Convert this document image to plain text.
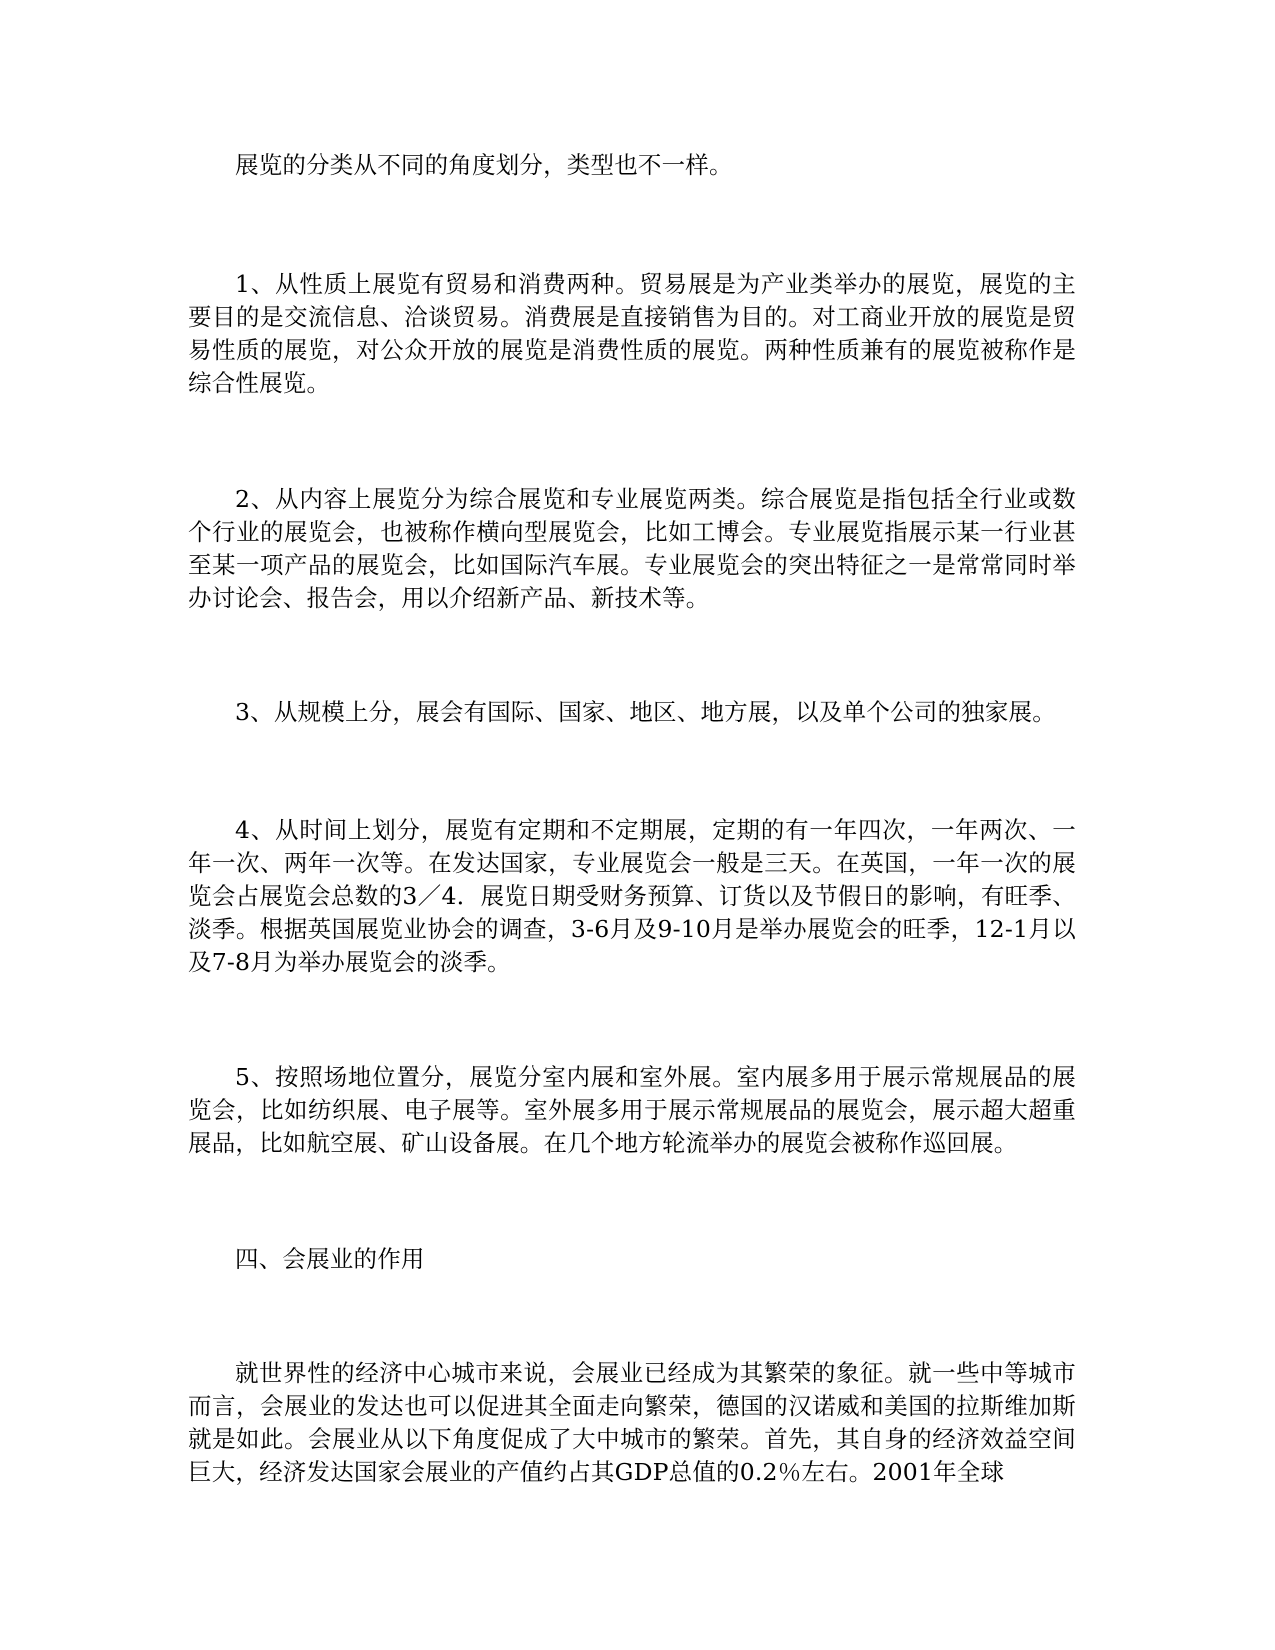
展览的分类从不同的角度划分，类型也不一样。

1、从性质上展览有贸易和消费两种。贸易展是为产业类举办的展览，展览的主要目的是交流信息、洽谈贸易。消费展是直接销售为目的。对工商业开放的展览是贸易性质的展览，对公众开放的展览是消费性质的展览。两种性质兼有的展览被称作是综合性展览。

2、从内容上展览分为综合展览和专业展览两类。综合展览是指包括全行业或数个行业的展览会，也被称作横向型展览会，比如工博会。专业展览指展示某一行业甚至某一项产品的展览会，比如国际汽车展。专业展览会的突出特征之一是常常同时举办讨论会、报告会，用以介绍新产品、新技术等。

3、从规模上分，展会有国际、国家、地区、地方展，以及单个公司的独家展。

4、从时间上划分，展览有定期和不定期展，定期的有一年四次，一年两次、一年一次、两年一次等。在发达国家，专业展览会一般是三天。在英国，一年一次的展览会占展览会总数的3／4．展览日期受财务预算、订货以及节假日的影响，有旺季、淡季。根据英国展览业协会的调查，3-6月及9-10月是举办展览会的旺季，12-1月以及7-8月为举办展览会的淡季。

5、按照场地位置分，展览分室内展和室外展。室内展多用于展示常规展品的展览会，比如纺织展、电子展等。室外展多用于展示常规展品的展览会，展示超大超重展品，比如航空展、矿山设备展。在几个地方轮流举办的展览会被称作巡回展。

四、会展业的作用

就世界性的经济中心城市来说，会展业已经成为其繁荣的象征。就一些中等城市而言，会展业的发达也可以促进其全面走向繁荣，德国的汉诺威和美国的拉斯维加斯就是如此。会展业从以下角度促成了大中城市的繁荣。首先，其自身的经济效益空间巨大，经济发达国家会展业的产值约占其GDP总值的0.2％左右。2001年全球
